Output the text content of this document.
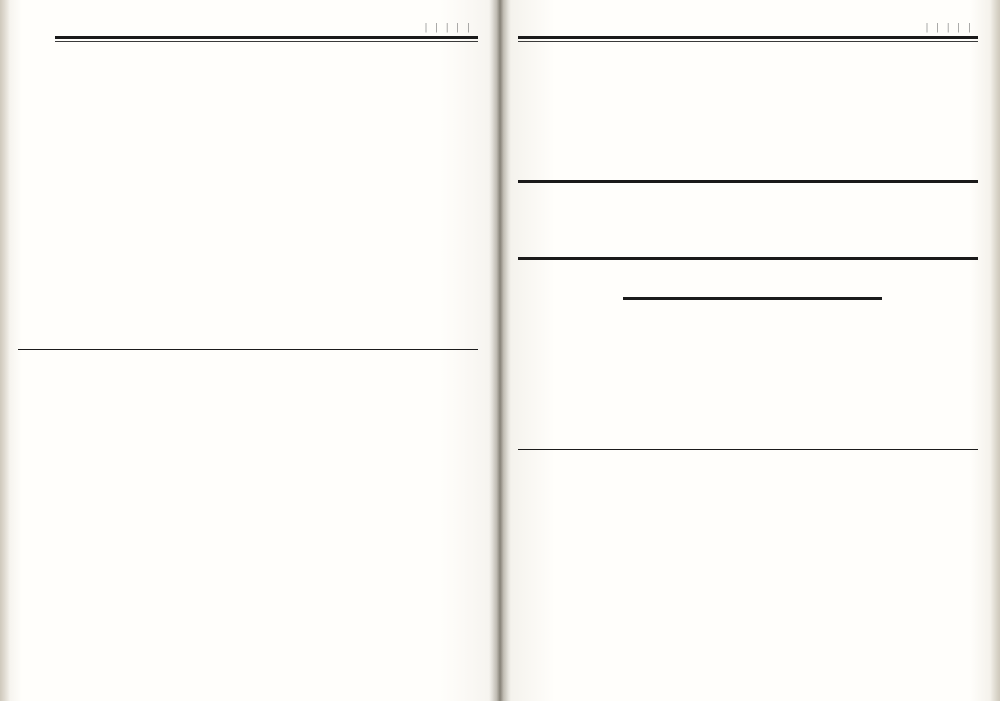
| | | | |	| | | | |
